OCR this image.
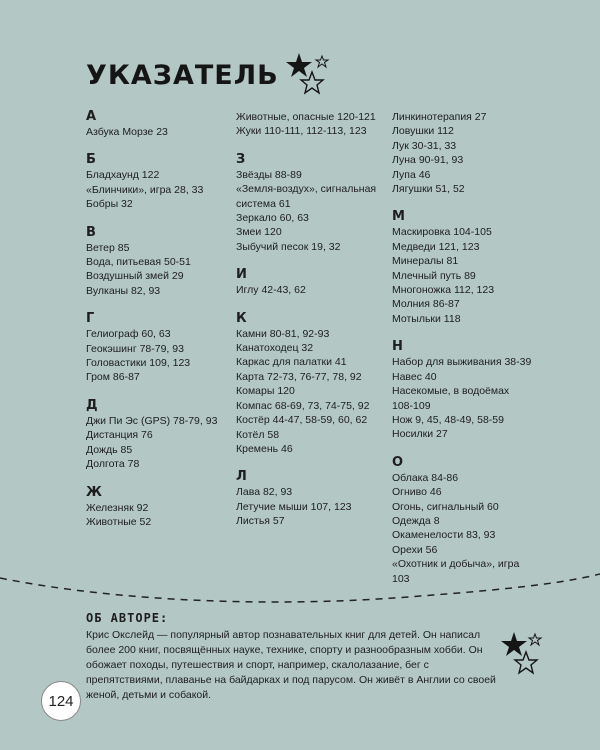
УКАЗАТЕЛЬ
А
Азбука Морзе 23
Б
Бладхаунд 122
«Блинчики», игра 28, 33
Бобры 32
В
Ветер 85
Вода, питьевая 50-51
Воздушный змей 29
Вулканы 82, 93
Г
Гелиограф 60, 63
Геокэшинг 78-79, 93
Головастики 109, 123
Гром 86-87
Д
Джи Пи Эс (GPS) 78-79, 93
Дистанция 76
Дождь 85
Долгота 78
Ж
Железняк 92
Животные 52
Животные, опасные 120-121
Жуки 110-111, 112-113, 123
З
Звёзды 88-89
«Земля-воздух», сигнальная система 61
Зеркало 60, 63
Змеи 120
Зыбучий песок 19, 32
И
Иглу 42-43, 62
К
Камни 80-81, 92-93
Канатоходец 32
Каркас для палатки 41
Карта 72-73, 76-77, 78, 92
Комары 120
Компас 68-69, 73, 74-75, 92
Костёр 44-47, 58-59, 60, 62
Котёл 58
Кремень 46
Л
Лава 82, 93
Летучие мыши 107, 123
Листья 57
Линкинотерапия 27
Ловушки 112
Лук 30-31, 33
Луна 90-91, 93
Лупа 46
Лягушки 51, 52
М
Маскировка 104-105
Медведи 121, 123
Минералы 81
Млечный путь 89
Многоножка 112, 123
Молния 86-87
Мотыльки 118
Н
Набор для выживания 38-39
Навес 40
Насекомые, в водоёмах 108-109
Нож 9, 45, 48-49, 58-59
Носилки 27
О
Облака 84-86
Огниво 46
Огонь, сигнальный 60
Одежда 8
Окаменелости 83, 93
Орехи 56
«Охотник и добыча», игра 103
ОБ АВТОРЕ:

Крис Окслейд — популярный автор познавательных книг для детей. Он написал более 200 книг, посвящённых науке, технике, спорту и разнообразным хобби. Он обожает походы, путешествия и спорт, например, скалолазание, бег с препятствиями, плаванье на байдарках и под парусом. Он живёт в Англии со своей женой, детьми и собакой.

124
